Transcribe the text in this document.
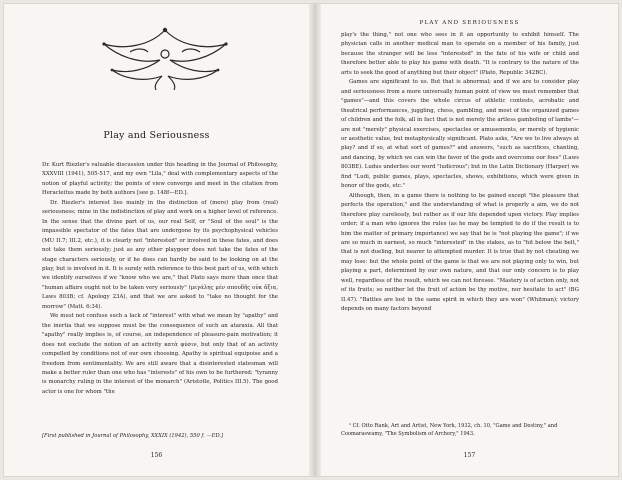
Play and Seriousness

Dr. Kurt Riezler's valuable discussion under this heading in the Journal of Philosophy, XXXVIII (1941), 505-517, and my own "Lila," deal with complementary aspects of the notion of playful activity; the points of view converge and meet in the citation from Heracleitus made by both authors [see p. 148f—ED.].

Dr. Riezler's interest lies mainly in the distinction of (mere) play from (real) seriousness; mine in the indistinction of play and work on a higher level of reference. In the sense that the divine part of us, our real Self, or "Soul of the soul" is the impassible spectator of the fates that are undergone by its psychophysical vehicles (MU II.7; III.2, etc.), it is clearly not "interested" or involved in these fates, and does not take them seriously; just as any other playgoer does not take the fates of the stage characters seriously, or if he does can hardly be said to be looking on at the play, but is involved in it. It is surely with reference to this best part of us, with which we identify ourselves if we "know who we are," that Plato says more than once that "human affairs ought not to be taken very seriously" (μεγάλης μὲν σπουδῆς οὐκ ἄξια, Laws 803B; cf. Apology 23A), and that we are asked to "take no thought for the morrow" (Matt. 6:34).

We must not confuse such a lack of "interest" with what we mean by "apathy" and the inertia that we suppose must be the consequence of such an ataraxia. All that "apathy" really implies is, of course, an independence of pleasure-pain motivation; it does not exclude the notion of an activity κατὰ φύσιν, but only that of an activity compelled by conditions not of our own choosing. Apathy is spiritual equipoise and a freedom from sentimentality. We are still aware that a disinterested statesman will make a better ruler than one who has "interests" of his own to be furthered; "tyranny is monarchy ruling in the interest of the monarch" (Aristotle, Politics III.5). The good actor is one for whom "the

[First published in Journal of Philosophy, XXXIX (1942), 550 f. —ED.]
156
PLAY AND SERIOUSNESS

play's the thing," not one who sees in it an opportunity to exhibit himself. The physician calls in another medical man to operate on a member of his family, just because the stranger will be less "interested" in the fate of his wife or child and therefore better able to play his game with death. "It is contrary to the nature of the arts to seek the good of anything but their object" (Plato, Republic 342BC).

Games are significant to us. But that is abnormal; and if we are to consider play and seriousness from a more universally human point of view we must remember that "games"—and this covers the whole circus of athletic contests, acrobatic and theatrical performances, juggling, chess, gambling, and most of the organized games of children and the folk, all in fact that is not merely the artless gamboling of lambs¹—are not "merely" physical exercises, spectacles or amusements, or merely of hygienic or aesthetic value, but metaphysically significant. Plato asks, "Are we to live always at play? and if so, at what sort of games?" and answers, "such as sacrifices, chanting, and dancing, by which we can win the favor of the gods and overcome our foes" (Laws 803BE). Ludus underlies our word "ludicrous"; but in the Latin Dictionary (Harper) we find "Ludi, public games, plays, spectacles, shows, exhibitions, which were given in honor of the gods, etc."

Although, then, in a game there is nothing to be gained except "the pleasure that perfects the operation," and the understanding of what is properly a aim, we do not therefore play carelessly, but rather as if our life depended upon victory. Play implies order; if a man who ignores the rules (as he may be tempted to do if the result is to him the matter of primary importance) we say that he is "not playing the game"; if we are so much in earnest, so much "interested" in the stakes, as to "hit below the belt," that is not dueling, but nearer to attempted murder. It is true that by not cheating we may lose: but the whole point of the game is that we are not playing only to win, but playing a part, determined by our own nature, and that our only concern is to play well, regardless of the result, which we can not foresee. "Mastery is of action only, not of its fruits; so neither let the fruit of action be thy motive, nor hesitate to act" (BG II.47). "Battles are lost in the same spirit in which they are won" (Whitman); victory depends on many factors beyond

¹ Cf. Otto Rank, Art and Artist, New York, 1932, ch. 10, "Game and Destiny," and Coomaraswamy, "The Symbolism of Archery," 1943.

157
